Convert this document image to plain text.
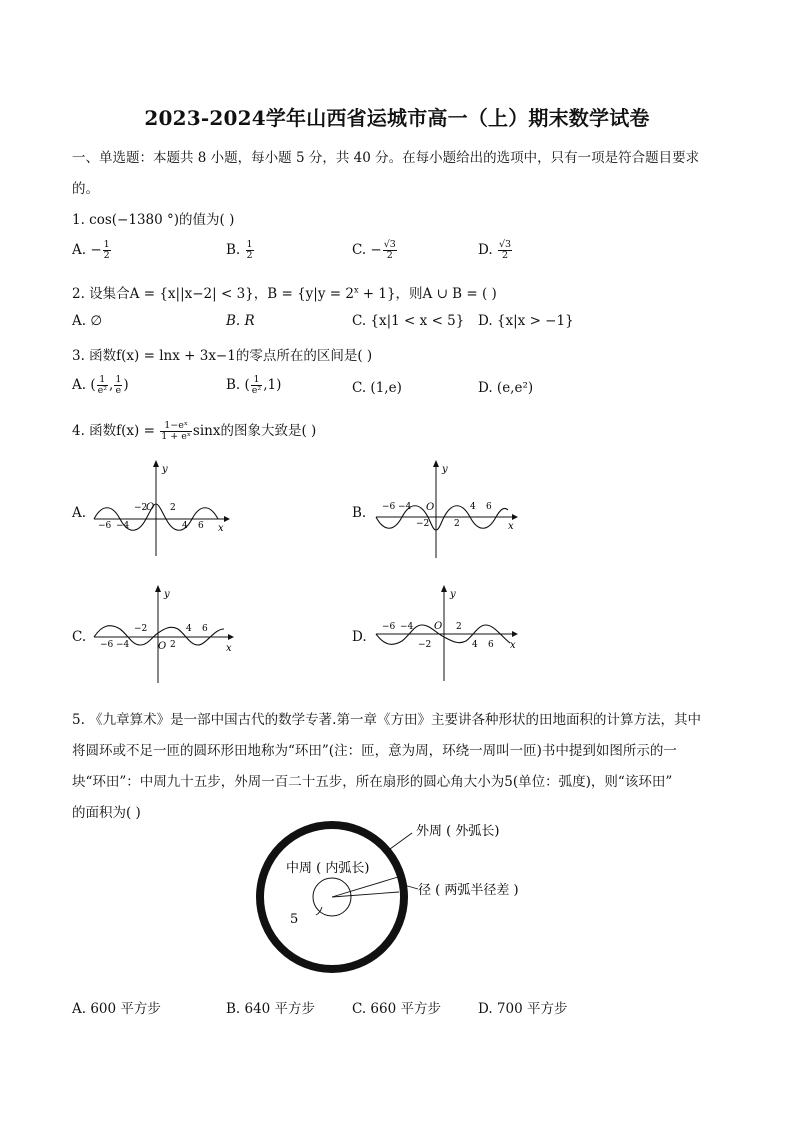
2023-2024学年山西省运城市高一（上）期末数学试卷
一、单选题：本题共 8 小题，每小题 5 分，共 40 分。在每小题给出的选项中，只有一项是符合题目要求
的。
1. cos(−1380 °)的值为( )
A. − $\frac{1}{2}$	B. $\frac{1}{2}$	C. − $\frac{√3}{2}$	D. $\frac{√3}{2}$
2. 设集合A = {x||x−2| < 3}，$B = \{y|y = 2^x + 1\}$，则A ∪ B = ( )
A. ∅	B. R	C. {x|1 < x < 5} D. {x|x > −1}
3. 函数f(x) = lnx + 3x−1的零点所在的区间是( )
A. ( $\frac{1}{\text{e²}}$ , $\frac{1}{e}$ )	B. ( $\frac{1}{\text{e²}} ,1$)	C. (1,e)	D. (e,e²)
4. 函数$f(x) = \frac{\text{1−eˣ}}{\text{1 + eˣ}}$ sinx的图象大致是( )
A.	B.
C.	D.
y
x
O
−2	2
−6 −4	4 6
y
x
O
−6 −4	4 6
−2	2
y
x
O
−2	4 6
−6 −4	2
y
x
O
−6 −4	2
−2	4 6
5. 《九章算术》是一部中国古代的数学专著.第一章《方田》主要讲各种形状的田地面积的计算方法，其中
将圆环或不足一匝的圆环形田地称为“环田”(注：匝，意为周，环绕一周叫一匝)书中提到如图所示的一
块“环田”：中周九十五步，外周一百二十五步，所在扇形的圆心角大小为5(单位：弧度)，则“该环田”
的面积为( )
外周 ( 外弧长)
中周 ( 内弧长)
径 ( 两弧半径差 )
5
A. 600 平方步	B. 640 平方步	C. 660 平方步	D. 700 平方步
